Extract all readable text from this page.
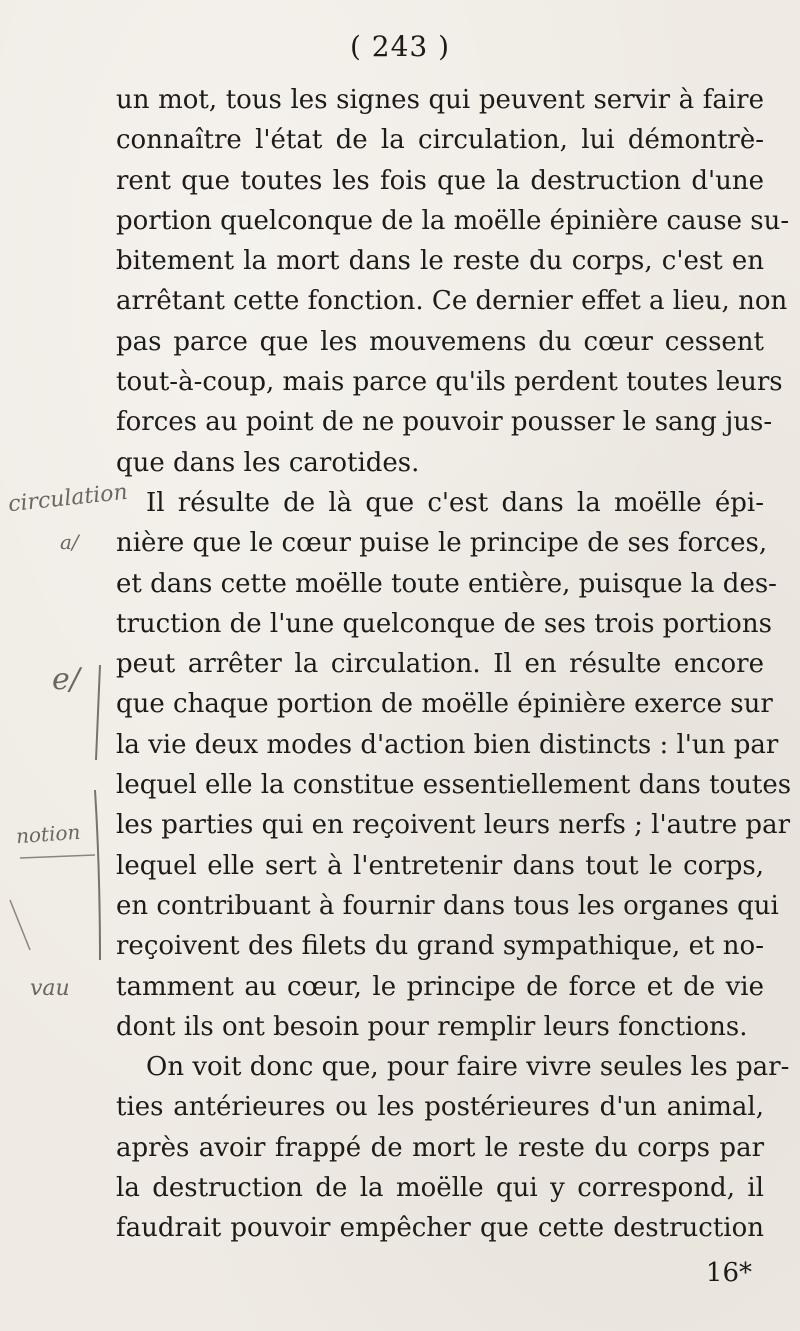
( 243 )
circulation
a/
e/
notion
vau
un mot, tous les signes qui peuvent servir à faire
connaître l'état de la circulation, lui démontrè-
rent que toutes les fois que la destruction d'une
portion quelconque de la moëlle épinière cause su-
bitement la mort dans le reste du corps, c'est en
arrêtant cette fonction. Ce dernier effet a lieu, non
pas parce que les mouvemens du cœur cessent
tout-à-coup, mais parce qu'ils perdent toutes leurs
forces au point de ne pouvoir pousser le sang jus-
que dans les carotides.
Il résulte de là que c'est dans la moëlle épi-
nière que le cœur puise le principe de ses forces,
et dans cette moëlle toute entière, puisque la des-
truction de l'une quelconque de ses trois portions
peut arrêter la circulation. Il en résulte encore
que chaque portion de moëlle épinière exerce sur
la vie deux modes d'action bien distincts : l'un par
lequel elle la constitue essentiellement dans toutes
les parties qui en reçoivent leurs nerfs ; l'autre par
lequel elle sert à l'entretenir dans tout le corps,
en contribuant à fournir dans tous les organes qui
reçoivent des filets du grand sympathique, et no-
tamment au cœur, le principe de force et de vie
dont ils ont besoin pour remplir leurs fonctions.
On voit donc que, pour faire vivre seules les par-
ties antérieures ou les postérieures d'un animal,
après avoir frappé de mort le reste du corps par
la destruction de la moëlle qui y correspond, il
faudrait pouvoir empêcher que cette destruction
16*
